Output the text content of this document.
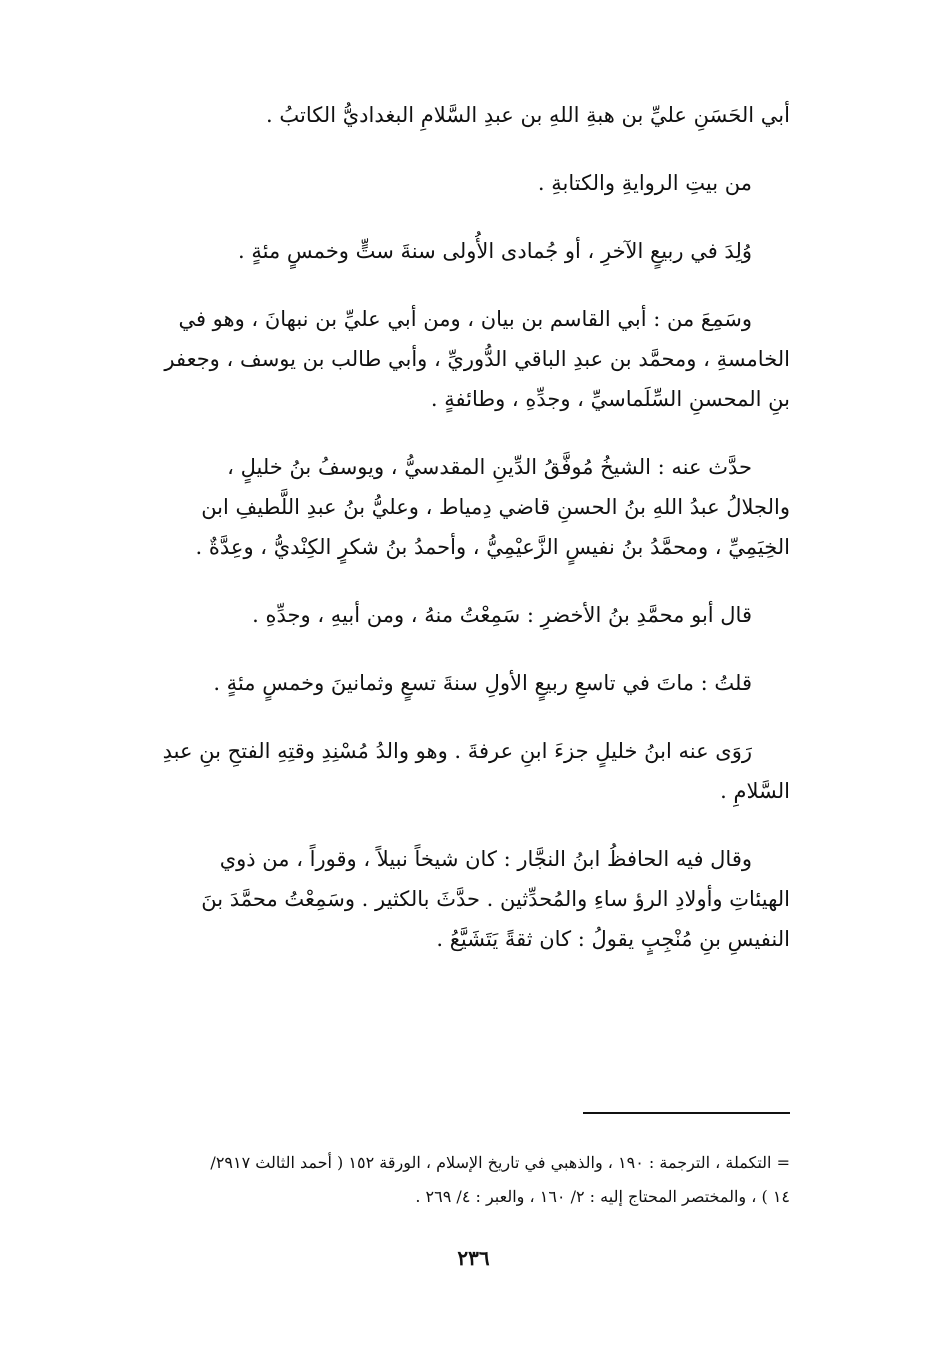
أبي الحَسَنِ عليِّ بن هبةِ اللهِ بن عبدِ السَّلامِ البغداديُّ الكاتبُ .

من بيتِ الروايةِ والكتابةِ .

وُلِدَ في ربيعٍ الآخرِ ، أو جُمادى الأُولى سنةَ ستٍّ وخمسٍ مئةٍ .

وسَمِعَ من : أبي القاسم بن بيان ، ومن أبي عليِّ بن نبهانَ ، وهو في
الخامسةِ ، ومحمَّد بن عبدِ الباقي الدُّوريِّ ، وأبي طالب بن يوسف ، وجعفر
بنِ المحسنِ السِّلَماسيِّ ، وجدِّهِ ، وطائفةٍ .

حدَّث عنه : الشيخُ مُوفَّقُ الدِّينِ المقدسيُّ ، ويوسفُ بنُ خليلٍ ،
والجلالُ عبدُ اللهِ بنُ الحسنِ قاضي دِمياط ، وعليُّ بنُ عبدِ اللَّطيفِ ابن
الخِيَمِيِّ ، ومحمَّدُ بنُ نفيسٍ الزَّعيْمِيُّ ، وأحمدُ بنُ شكرٍ الكِنْديُّ ، وعِدَّةٌ .

قال أبو محمَّدِ بنُ الأخضرِ : سَمِعْتُ منهُ ، ومن أبيهِ ، وجدِّهِ .

قلتُ : ماتَ في تاسعِ ربيعٍ الأولِ سنةَ تسعٍ وثمانينَ وخمسٍ مئةٍ .

رَوَى عنه ابنُ خليلٍ جزءَ ابنِ عرفةَ . وهو والدُ مُسْنِدِ وقتِهِ الفتحِ بنِ عبدِ
السَّلامِ .

وقال فيه الحافظُ ابنُ النجَّار : كان شيخاً نبيلاً ، وقوراً ، من ذوي
الهيئاتِ وأولادِ الرؤ ساءِ والمُحدِّثين . حدَّثَ بالكثير . وسَمِعْتُ محمَّدَ بنَ
النفيسِ بنِ مُنْجِبٍ يقولُ : كان ثقةً يَتَشَيَّعُ .

= التكملة ، الترجمة : ١٩٠ ، والذهبي في تاريخ الإسلام ، الورقة ١٥٢ ( أحمد الثالث ٢٩١٧/
١٤ ) ، والمختصر المحتاج إليه : ٢/ ١٦٠ ، والعبر : ٤/ ٢٦٩ .
٢٣٦
